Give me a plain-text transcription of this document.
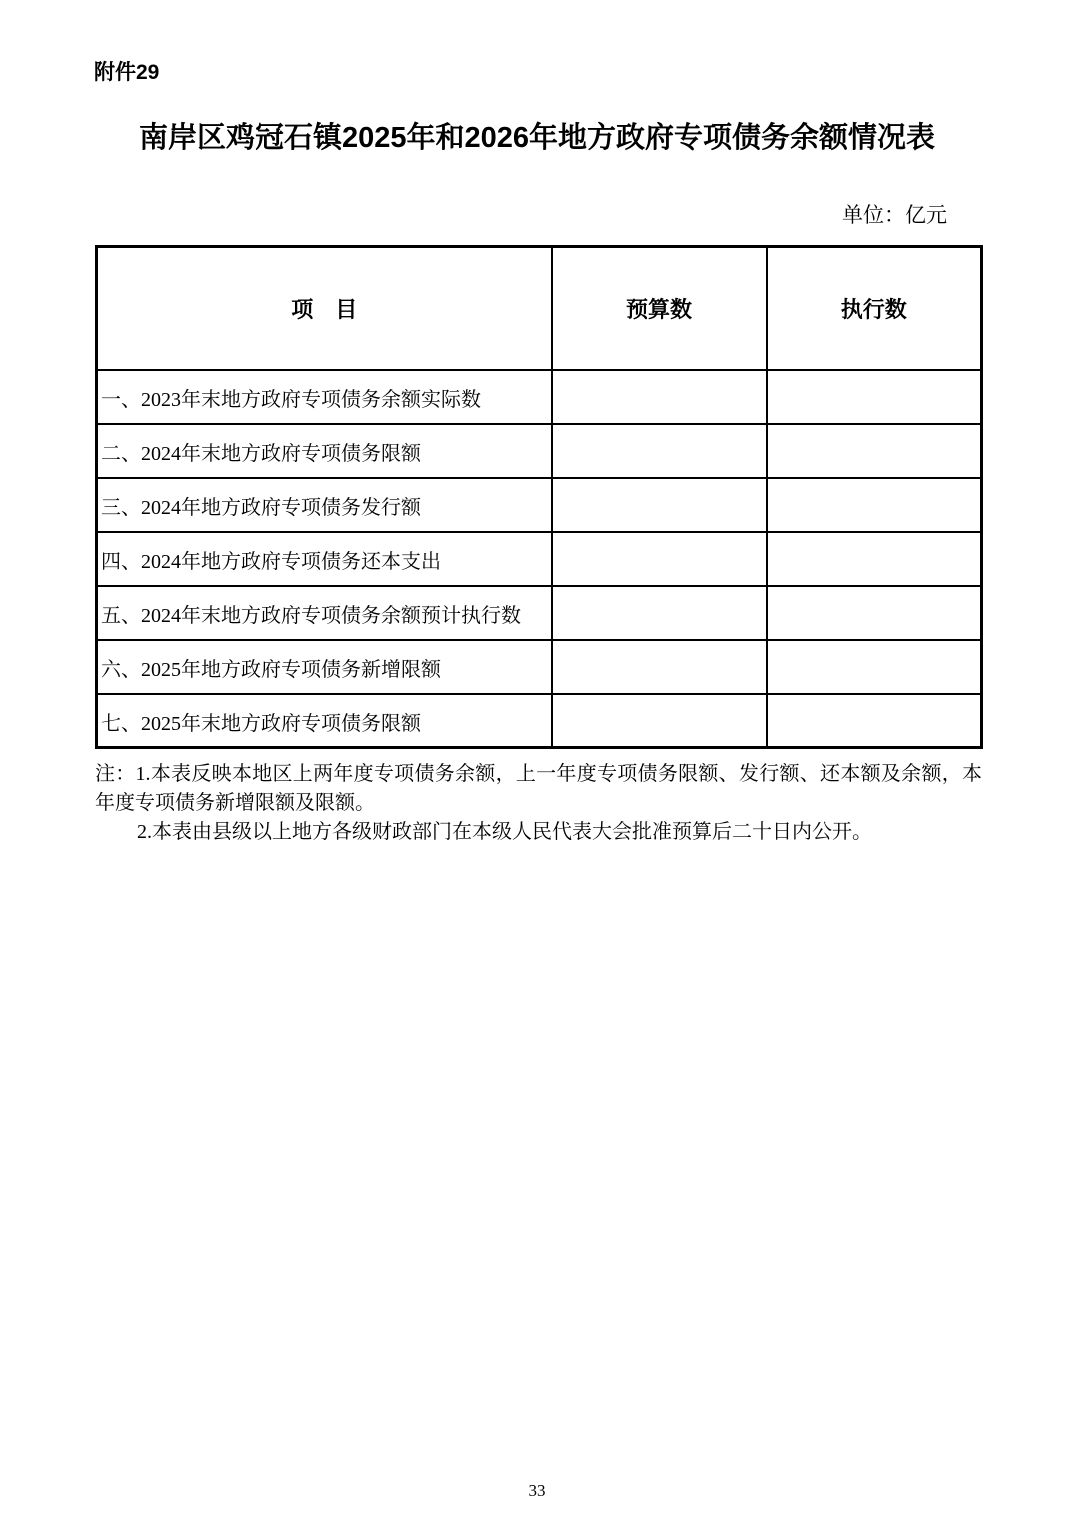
附件29
南岸区鸡冠石镇2025年和2026年地方政府专项债务余额情况表
单位：亿元
项　目	预算数	执行数
一、2023年末地方政府专项债务余额实际数		
二、2024年末地方政府专项债务限额		
三、2024年地方政府专项债务发行额		
四、2024年地方政府专项债务还本支出		
五、2024年末地方政府专项债务余额预计执行数		
六、2025年地方政府专项债务新增限额		
七、2025年末地方政府专项债务限额		

注：1.本表反映本地区上两年度专项债务余额，上一年度专项债务限额、发行额、还本额及余额，本年度专项债务新增限额及限额。

2.本表由县级以上地方各级财政部门在本级人民代表大会批准预算后二十日内公开。

33
